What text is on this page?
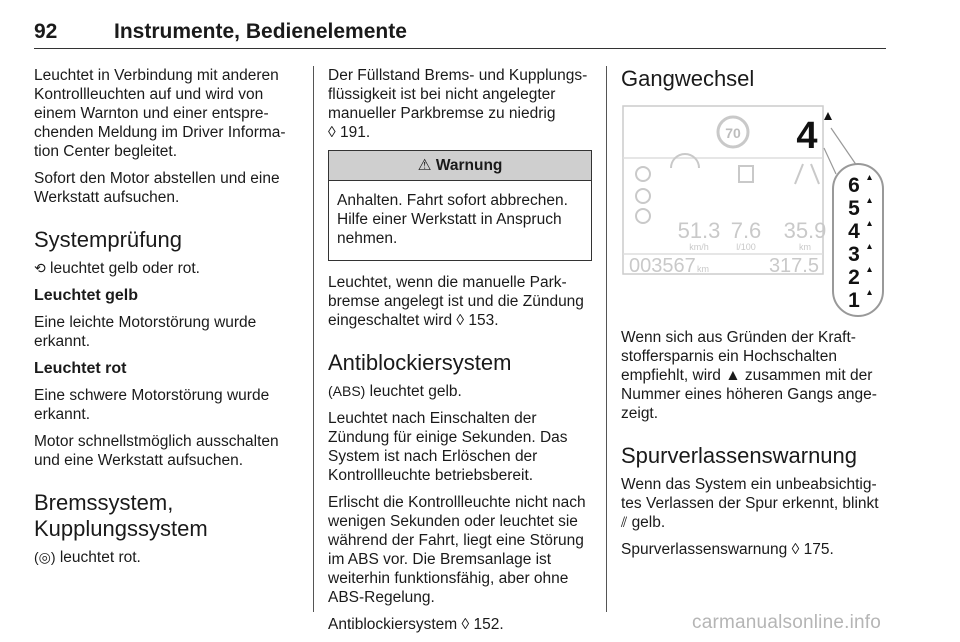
92	Instrumente, Bedienelemente

Leuchtet in Verbindung mit anderen Kontrollleuchten auf und wird von einem Warnton und einer entsprechenden Meldung im Driver Information Center begleitet.

Sofort den Motor abstellen und eine Werkstatt aufsuchen.

Systemprüfung

⟲ leuchtet gelb oder rot.

Leuchtet gelb

Eine leichte Motorstörung wurde erkannt.

Leuchtet rot

Eine schwere Motorstörung wurde erkannt.

Motor schnellstmöglich ausschalten und eine Werkstatt aufsuchen.

Bremssystem, Kupplungssystem

(◎) leuchtet rot.

Der Füllstand Brems- und Kupplungsflüssigkeit ist bei nicht angelegter manueller Parkbremse zu niedrig
◊ 191.

⚠ Warnung
Anhalten. Fahrt sofort abbrechen. Hilfe einer Werkstatt in Anspruch nehmen.

Leuchtet, wenn die manuelle Parkbremse angelegt ist und die Zündung eingeschaltet wird ◊ 153.

Antiblockiersystem

(ABS) leuchtet gelb.

Leuchtet nach Einschalten der Zündung für einige Sekunden. Das System ist nach Erlöschen der Kontrollleuchte betriebsbereit.

Erlischt die Kontrollleuchte nicht nach wenigen Sekunden oder leuchtet sie während der Fahrt, liegt eine Störung im ABS vor. Die Bremsanlage ist weiterhin funktionsfähig, aber ohne ABS-Regelung.

Antiblockiersystem ◊ 152.

Gangwechsel
70 4
51.3 7.6 35.9
km/h	l/100	km
003567 km	317.5
6
5
4
3
2
1

Wenn sich aus Gründen der Kraftstoffersparnis ein Hochschalten empfiehlt, wird ▲ zusammen mit der Nummer eines höheren Gangs angezeigt.

Spurverlassenswarnung

Wenn das System ein unbeabsichtigtes Verlassen der Spur erkennt, blinkt ⫽ gelb.

Spurverlassenswarnung ◊ 175.

carmanualsonline.info
